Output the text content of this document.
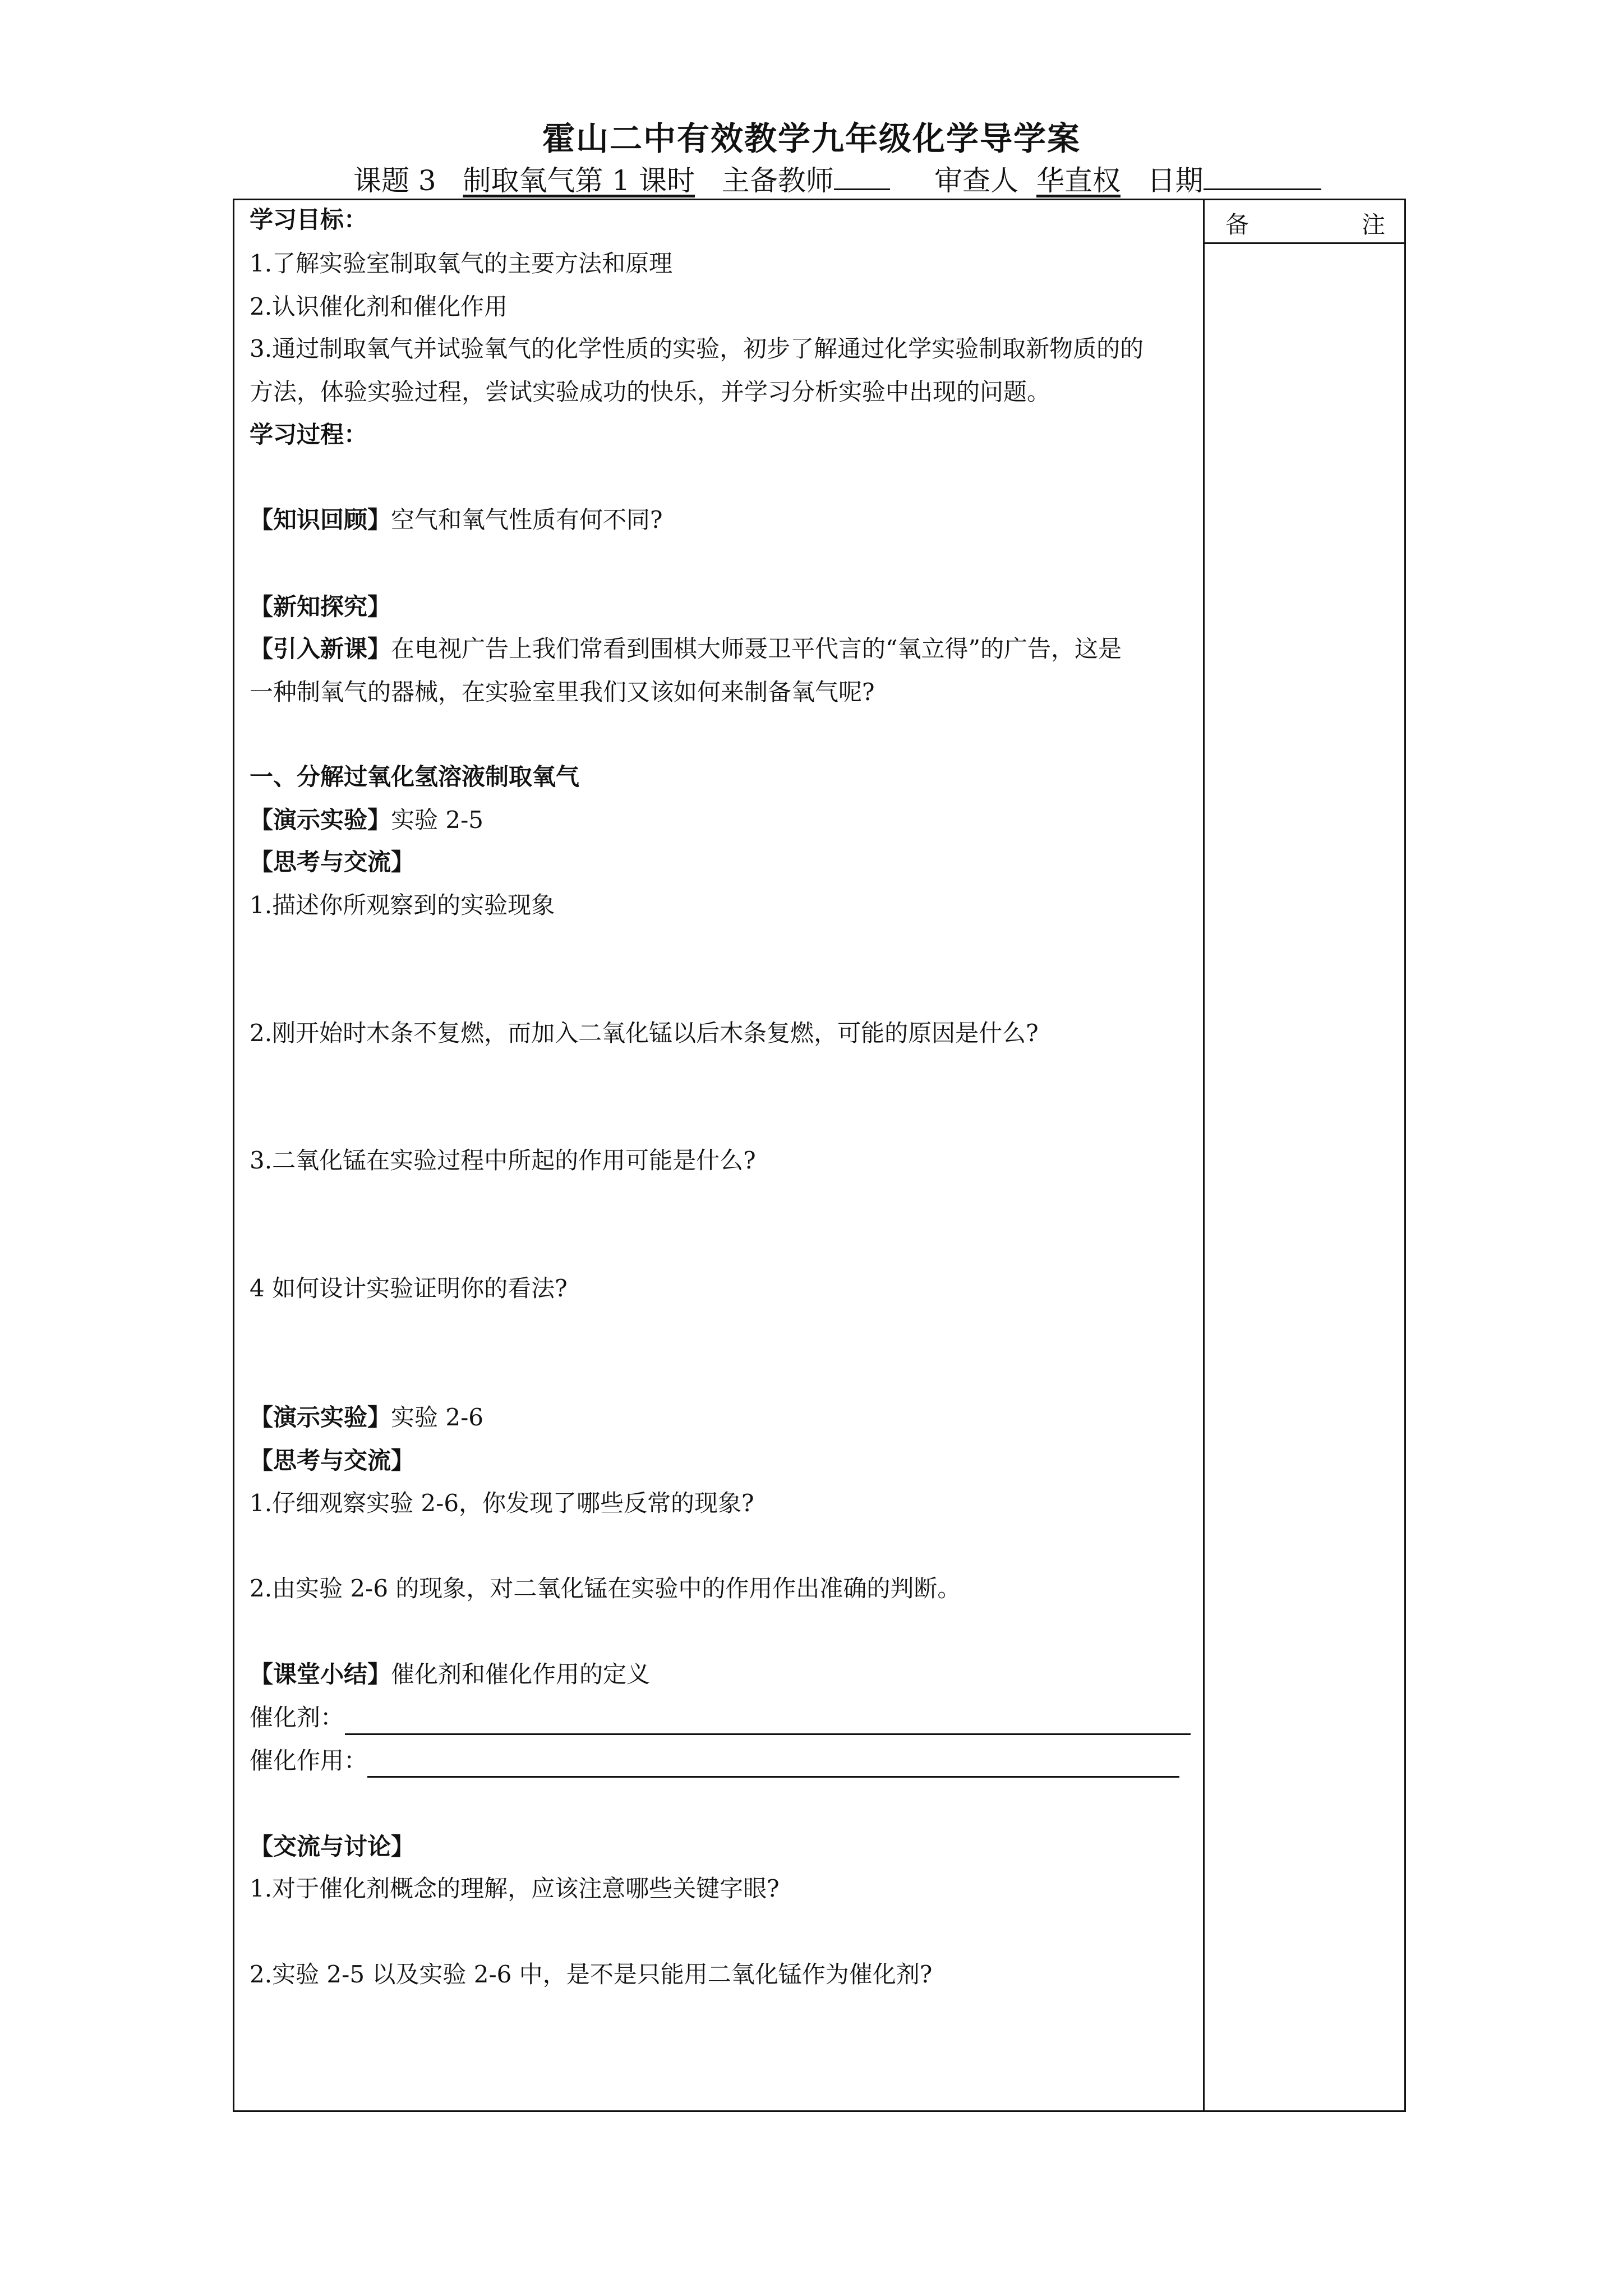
霍山二中有效教学九年级化学导学案
课题 3 制取氧气第 1 课时 主备教师	审查人 华直权 日期
备	注
学习目标：
1.了解实验室制取氧气的主要方法和原理
2.认识催化剂和催化作用
3.通过制取氧气并试验氧气的化学性质的实验，初步了解通过化学实验制取新物质的的
方法，体验实验过程，尝试实验成功的快乐，并学习分析实验中出现的问题。
学习过程：
【知识回顾】空气和氧气性质有何不同?
【新知探究】
【引入新课】在电视广告上我们常看到围棋大师聂卫平代言的“氧立得”的广告，这是
一种制氧气的器械，在实验室里我们又该如何来制备氧气呢?
一、分解过氧化氢溶液制取氧气
【演示实验】实验 2-5
【思考与交流】
1.描述你所观察到的实验现象
2.刚开始时木条不复燃，而加入二氧化锰以后木条复燃，可能的原因是什么?
3.二氧化锰在实验过程中所起的作用可能是什么?
4 如何设计实验证明你的看法?
【演示实验】实验 2-6
【思考与交流】
1.仔细观察实验 2-6，你发现了哪些反常的现象?
2.由实验 2-6 的现象，对二氧化锰在实验中的作用作出准确的判断。
【课堂小结】催化剂和催化作用的定义
催化剂：
催化作用：
【交流与讨论】
1.对于催化剂概念的理解，应该注意哪些关键字眼?
2.实验 2-5 以及实验 2-6 中，是不是只能用二氧化锰作为催化剂?
